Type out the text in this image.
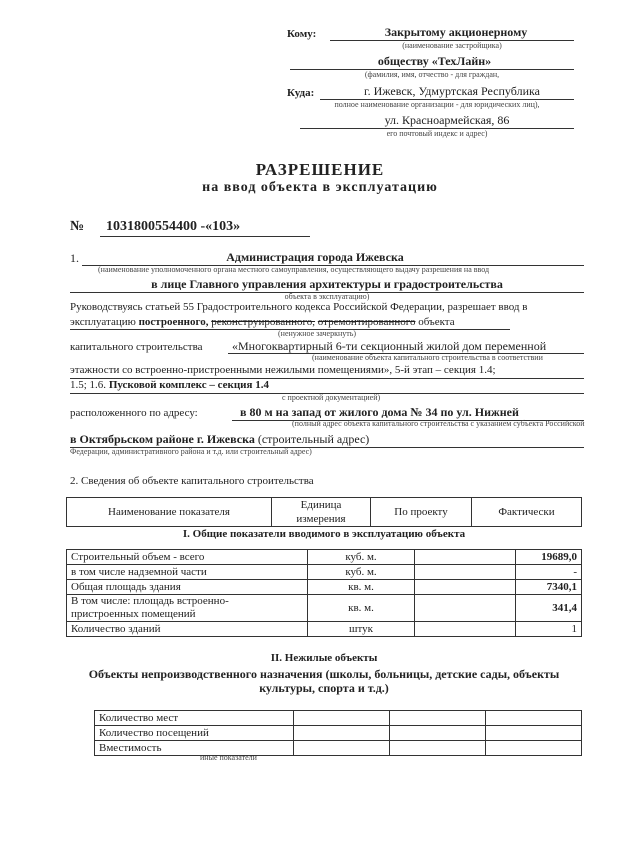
Кому:	Закрытому акционерному
(наименование застройщика)
обществу «ТехЛайн»
(фамилия, имя, отчество - для граждан,
Куда:	г. Ижевск, Удмуртская Республика
полное наименование организации - для юридических лиц),
ул. Красноармейская, 86
его почтовый индекс и адрес)
РАЗРЕШЕНИЕ
на ввод объекта в эксплуатацию
№ 1031800554400 -«103»
1.	Администрация города Ижевска
(наименование уполномоченного органа местного самоуправления, осуществляющего выдачу разрешения на ввод
в лице Главного управления архитектуры и градостроительства
объекта в эксплуатацию)
Руководствуясь статьей 55 Градостроительного кодекса Российской Федерации, разрешает ввод в
эксплуатацию построенного, реконструированного, отремонтированного объекта
(ненужное зачеркнуть)
капитального строительства «Многоквартирный 6-ти секционный жилой дом переменной
(наименование объекта капитального строительства в соответствии
этажности со встроенно-пристроенными нежилыми помещениями», 5-й этап – секция 1.4;
1.5; 1.6. Пусковой комплекс – секция 1.4
с проектной документацией)
расположенного по адресу:	в 80 м на запад от жилого дома № 34 по ул. Нижней
(полный адрес объекта капитального строительства с указанием субъекта Российской
в Октябрьском районе г. Ижевска (строительный адрес)
Федерации, административного района и т.д. или строительный адрес)
2. Сведения об объекте капитального строительства
Наименование показателя	Единица измерения	По проекту	Фактически
I. Общие показатели вводимого в эксплуатацию объекта
Строительный объем - всего	куб. м.		19689,0
в том числе надземной части	куб. м.		-
Общая площадь здания	кв. м.		7340,1
В том числе: площадь встроенно-
пристроенных помещений	кв. м.		341,4
Количество зданий	штук		1
II. Нежилые объекты
Объекты непроизводственного назначения (школы, больницы, детские сады, объекты
культуры, спорта и т.д.)
Количество мест			
Количество посещений			
Вместимость			
иные показатели
